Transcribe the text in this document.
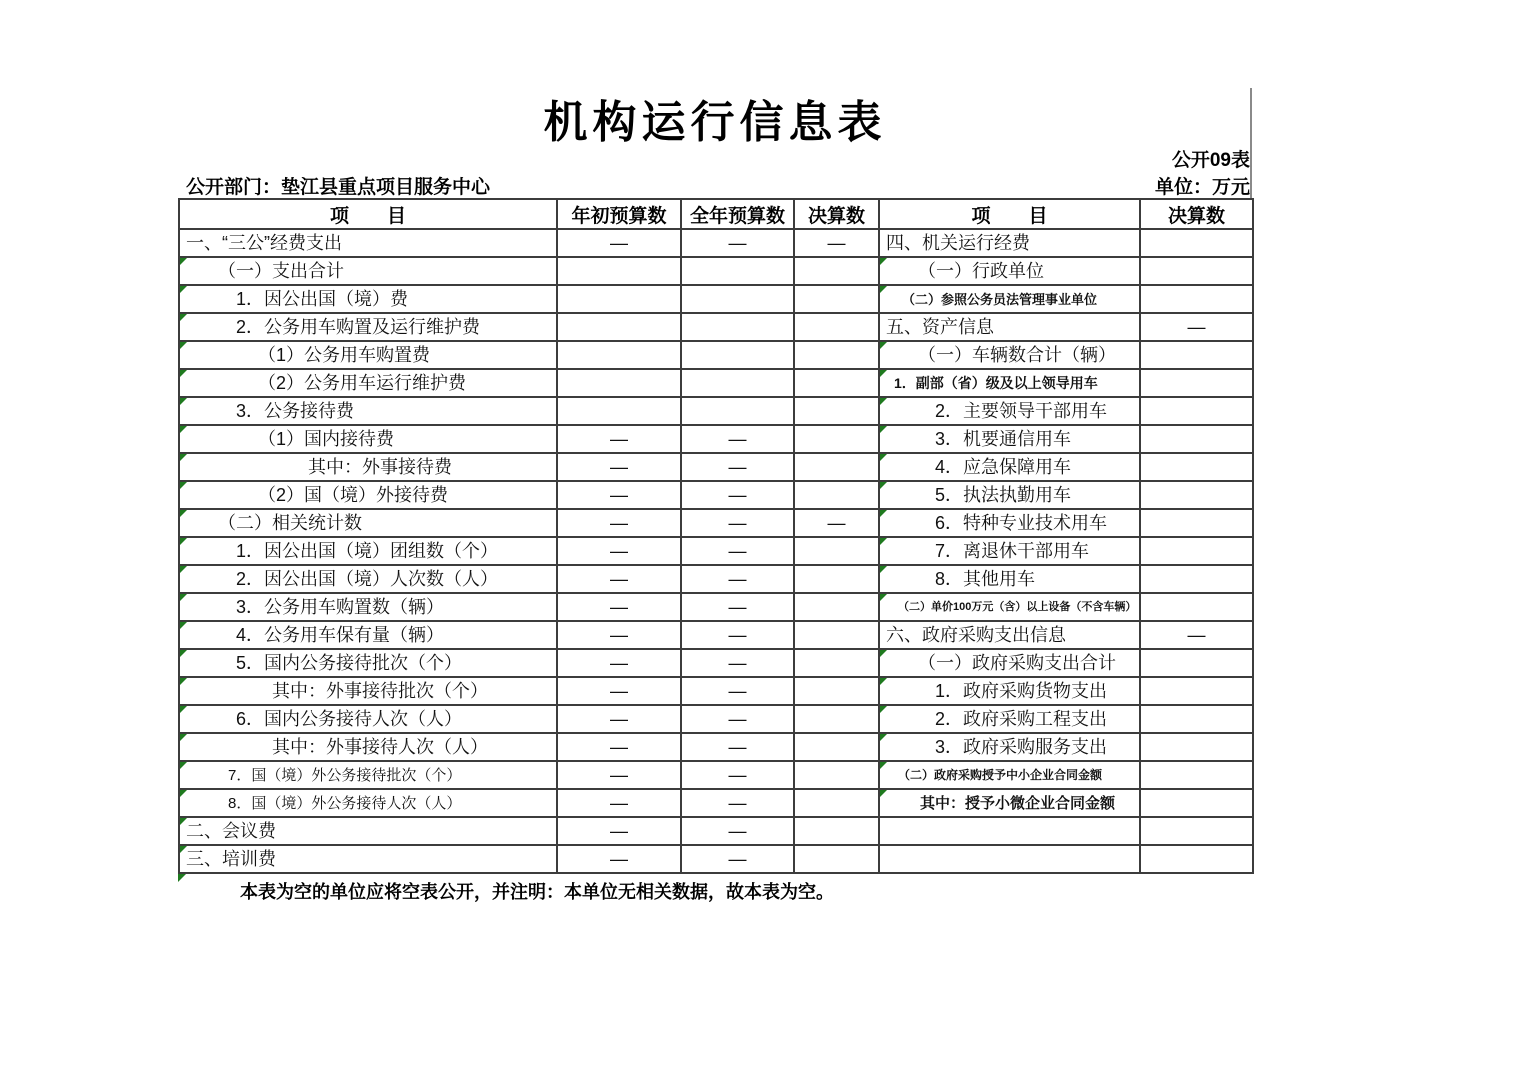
机构运行信息表
公开09表
公开部门：垫江县重点项目服务中心	单位：万元
项　　目	年初预算数	全年预算数	决算数	项　　目	决算数

一、“三公”经费支出	—	—	—	四、机关运行经费	

（一）支出合计				（一）行政单位	

1．因公出国（境）费				（二）参照公务员法管理事业单位	

2．公务用车购置及运行维护费				五、资产信息	—

（1）公务用车购置费				（一）车辆数合计（辆）	

（2）公务用车运行维护费				1．副部（省）级及以上领导用车	

3．公务接待费				2．主要领导干部用车	

（1）国内接待费	—	—		3．机要通信用车	

其中：外事接待费	—	—		4．应急保障用车	

（2）国（境）外接待费	—	—		5．执法执勤用车	

（二）相关统计数	—	—	—	6．特种专业技术用车	

1．因公出国（境）团组数（个）	—	—		7．离退休干部用车	

2．因公出国（境）人次数（人）	—	—		8．其他用车	

3．公务用车购置数（辆）	—	—		（二）单价100万元（含）以上设备（不含车辆）	

4．公务用车保有量（辆）	—	—		六、政府采购支出信息	—

5．国内公务接待批次（个）	—	—		（一）政府采购支出合计	

其中：外事接待批次（个）	—	—		1．政府采购货物支出	

6．国内公务接待人次（人）	—	—		2．政府采购工程支出	

其中：外事接待人次（人）	—	—		3．政府采购服务支出	

7．国（境）外公务接待批次（个）	—	—		（二）政府采购授予中小企业合同金额	

8．国（境）外公务接待人次（人）	—	—		其中：授予小微企业合同金额	

二、会议费	—	—		

三、培训费	—	—		

本表为空的单位应将空表公开，并注明：本单位无相关数据，故本表为空。
